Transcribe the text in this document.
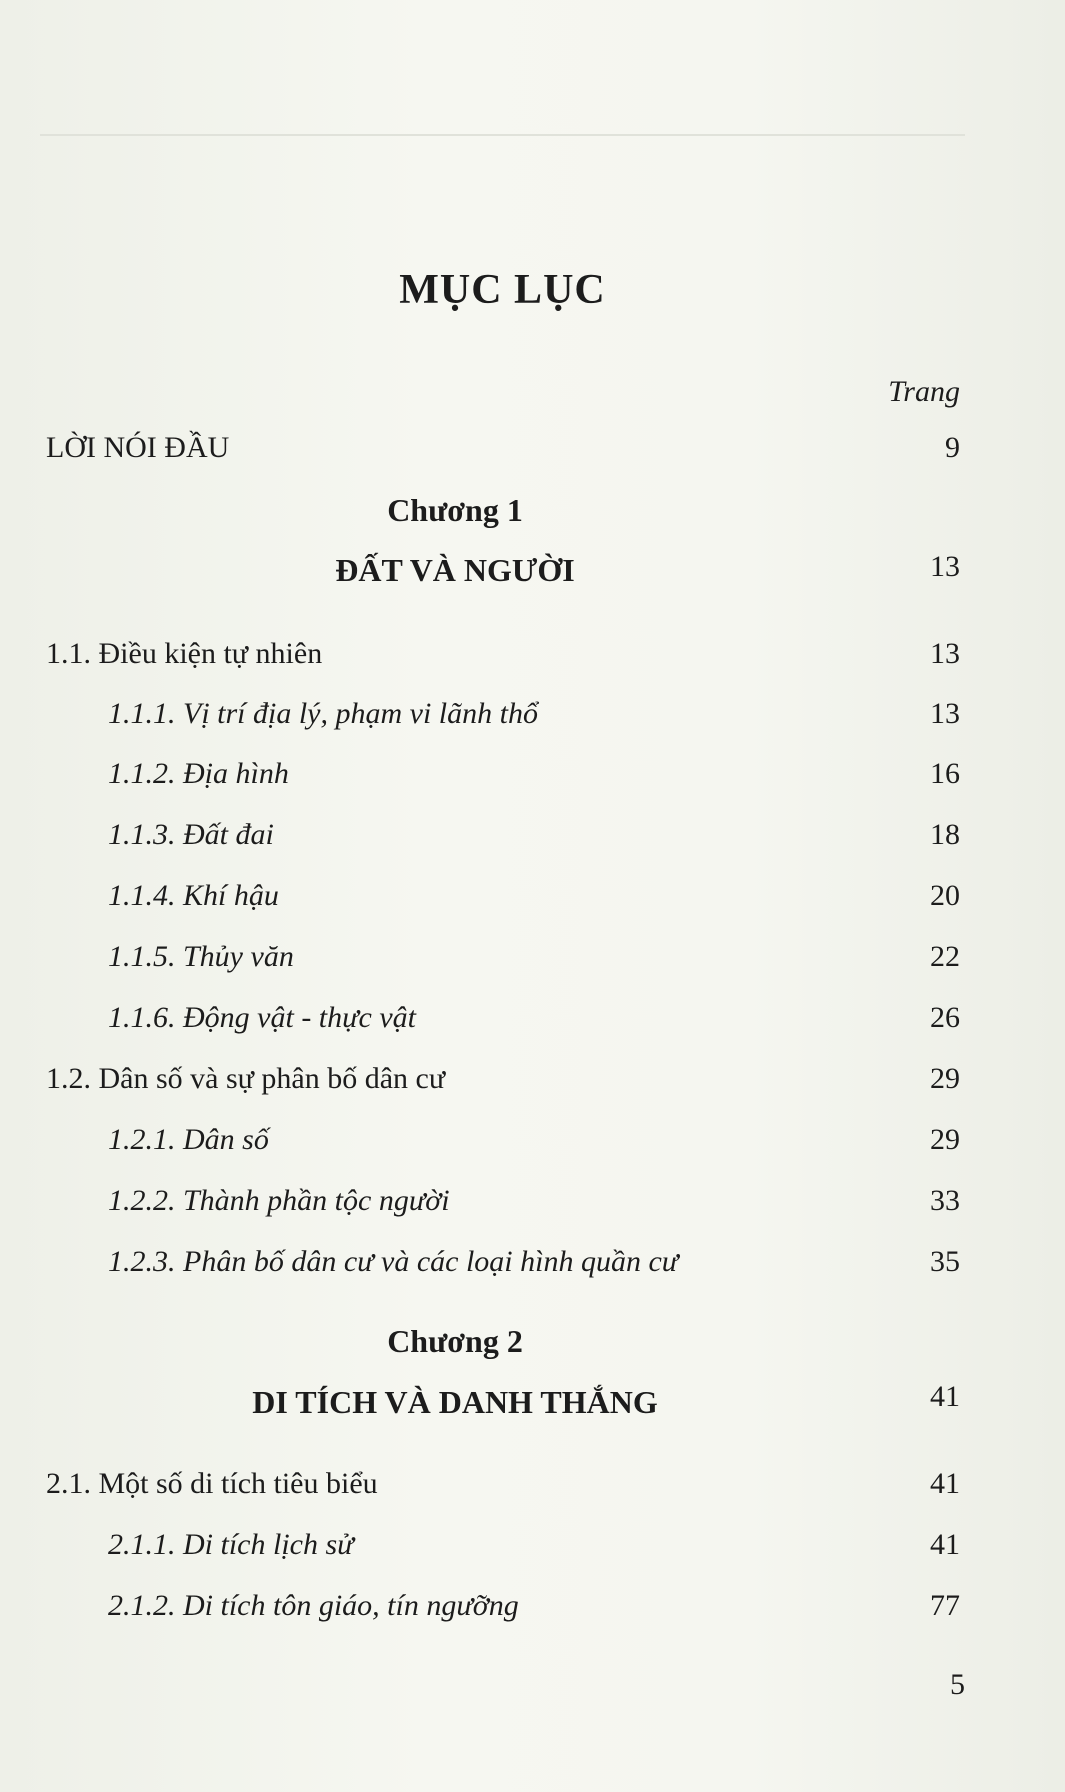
MỤC LỤC
Trang
LỜI NÓI ĐẦU	9
Chương 1
ĐẤT VÀ NGƯỜI	13
1.1. Điều kiện tự nhiên	13
1.1.1. Vị trí địa lý, phạm vi lãnh thổ	13
1.1.2. Địa hình	16
1.1.3. Đất đai	18
1.1.4. Khí hậu	20
1.1.5. Thủy văn	22
1.1.6. Động vật - thực vật	26
1.2. Dân số và sự phân bố dân cư	29
1.2.1. Dân số	29
1.2.2. Thành phần tộc người	33
1.2.3. Phân bố dân cư và các loại hình quần cư	35
Chương 2
DI TÍCH VÀ DANH THẮNG	41
2.1. Một số di tích tiêu biểu	41
2.1.1. Di tích lịch sử	41
2.1.2. Di tích tôn giáo, tín ngưỡng	77
5
